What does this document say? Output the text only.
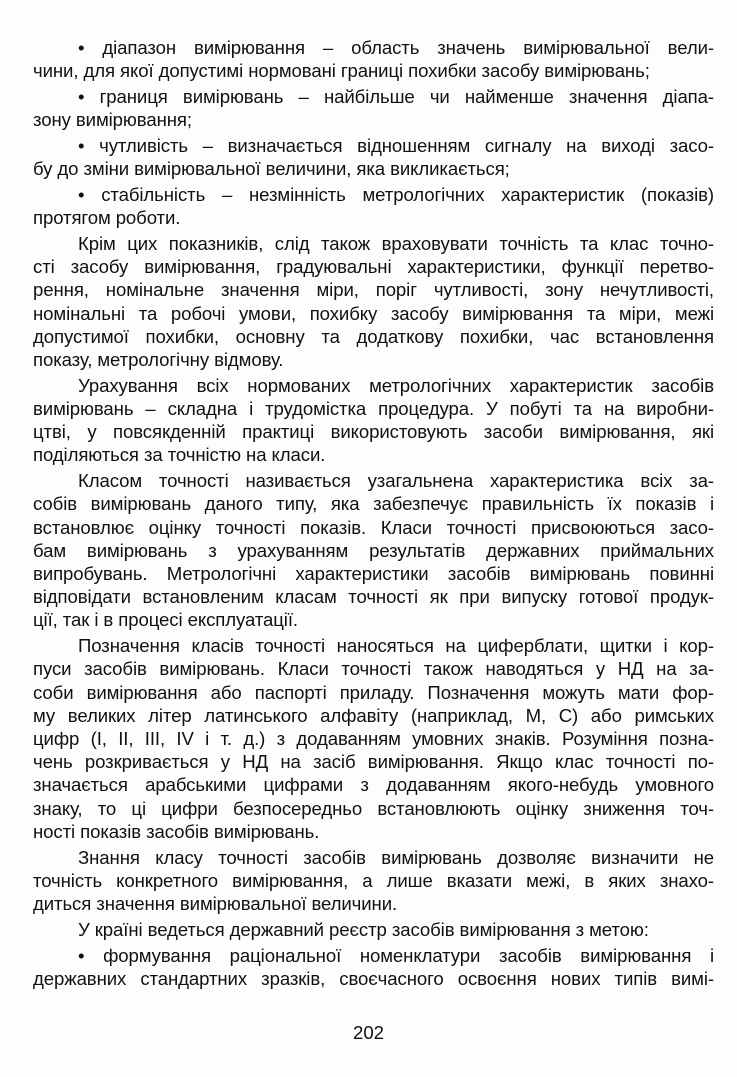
• діапазон вимірювання – область значень вимірювальної вели-
чини, для якої допустимі нормовані границі похибки засобу вимірювань;
• границя вимірювань – найбільше чи найменше значення діапа-
зону вимірювання;
• чутливість – визначається відношенням сигналу на виході засо-
бу до зміни вимірювальної величини, яка викликається;
• стабільність – незмінність метрологічних характеристик (показів)
протягом роботи.
Крім цих показників, слід також враховувати точність та клас точно-
сті засобу вимірювання, градуювальні характеристики, функції перетво-
рення, номінальне значення міри, поріг чутливості, зону нечутливості,
номінальні та робочі умови, похибку засобу вимірювання та міри, межі
допустимої похибки, основну та додаткову похибки, час встановлення
показу, метрологічну відмову.
Урахування всіх нормованих метрологічних характеристик засобів
вимірювань – складна і трудомістка процедура. У побуті та на виробни-
цтві, у повсякденній практиці використовують засоби вимірювання, які
поділяються за точністю на класи.
Класом точності називається узагальнена характеристика всіх за-
собів вимірювань даного типу, яка забезпечує правильність їх показів і
встановлює оцінку точності показів. Класи точності присвоюються засо-
бам вимірювань з урахуванням результатів державних приймальних
випробувань. Метрологічні характеристики засобів вимірювань повинні
відповідати встановленим класам точності як при випуску готової продук-
ції, так і в процесі експлуатації.
Позначення класів точності наносяться на циферблати, щитки і кор-
пуси засобів вимірювань. Класи точності також наводяться у НД на за-
соби вимірювання або паспорті приладу. Позначення можуть мати фор-
му великих літер латинського алфавіту (наприклад, M, C) або римських
цифр (I, II, III, IV і т. д.) з додаванням умовних знаків. Розуміння позна-
чень розкривається у НД на засіб вимірювання. Якщо клас точності по-
значається арабськими цифрами з додаванням якого-небудь умовного
знаку, то ці цифри безпосередньо встановлюють оцінку зниження точ-
ності показів засобів вимірювань.
Знання класу точності засобів вимірювань дозволяє визначити не
точність конкретного вимірювання, а лише вказати межі, в яких знахо-
диться значення вимірювальної величини.
У країні ведеться державний реєстр засобів вимірювання з метою:
• формування раціональної номенклатури засобів вимірювання і
державних стандартних зразків, своєчасного освоєння нових типів вимі-
202
